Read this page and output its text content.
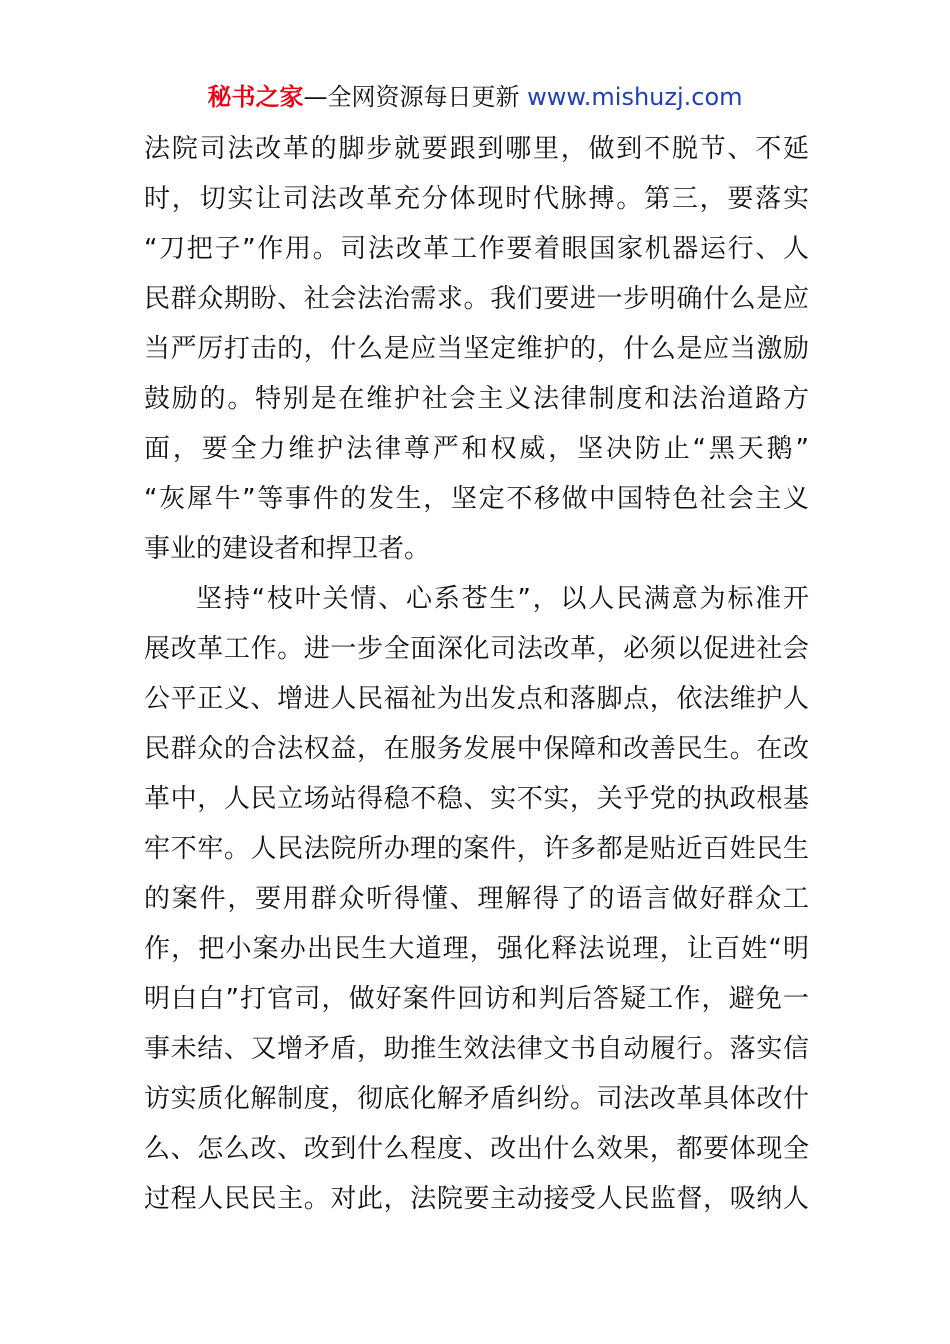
秘书之家—全网资源每日更新 www.mishuzj.com
法院司法改革的脚步就要跟到哪里，做到不脱节、不延
时，切实让司法改革充分体现时代脉搏。第三，要落实
“刀把子”作用。司法改革工作要着眼国家机器运行、人
民群众期盼、社会法治需求。我们要进一步明确什么是应
当严厉打击的，什么是应当坚定维护的，什么是应当激励
鼓励的。特别是在维护社会主义法律制度和法治道路方
面，要全力维护法律尊严和权威，坚决防止“黑天鹅”
“灰犀牛”等事件的发生，坚定不移做中国特色社会主义
事业的建设者和捍卫者。
坚持“枝叶关情、心系苍生”，以人民满意为标准开
展改革工作。进一步全面深化司法改革，必须以促进社会
公平正义、增进人民福祉为出发点和落脚点，依法维护人
民群众的合法权益，在服务发展中保障和改善民生。在改
革中，人民立场站得稳不稳、实不实，关乎党的执政根基
牢不牢。人民法院所办理的案件，许多都是贴近百姓民生
的案件，要用群众听得懂、理解得了的语言做好群众工
作，把小案办出民生大道理，强化释法说理，让百姓“明
明白白”打官司，做好案件回访和判后答疑工作，避免一
事未结、又增矛盾，助推生效法律文书自动履行。落实信
访实质化解制度，彻底化解矛盾纠纷。司法改革具体改什
么、怎么改、改到什么程度、改出什么效果，都要体现全
过程人民民主。对此，法院要主动接受人民监督，吸纳人
